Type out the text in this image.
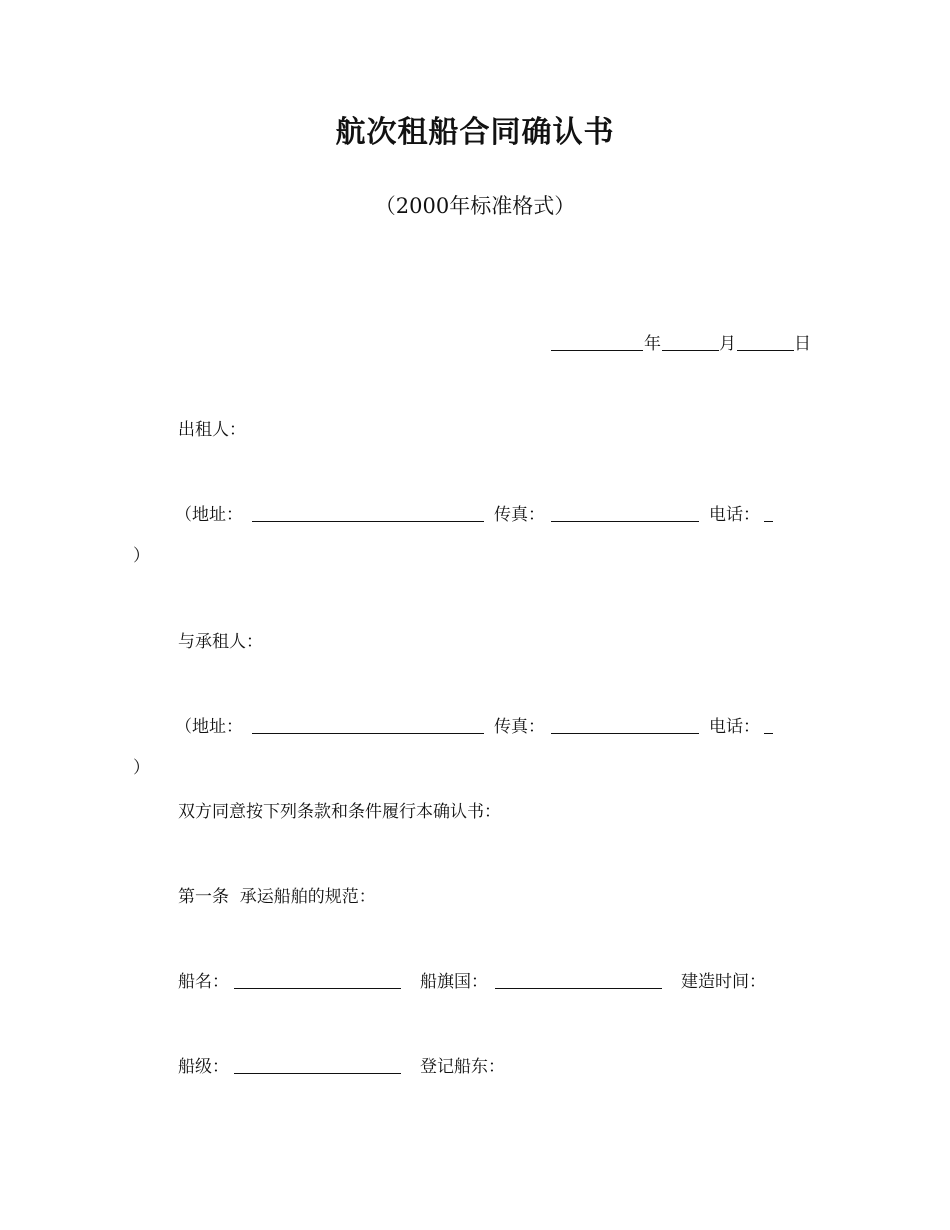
航次租船合同确认书
（2000年标准格式）
年	月	日
出租人：
（地址：	传真：	电话：
）
与承租人：
（地址：	传真：	电话：
）
双方同意按下列条款和条件履行本确认书：
第一条  承运船舶的规范：
船名：	船旗国：	建造时间：
船级：	登记船东：
